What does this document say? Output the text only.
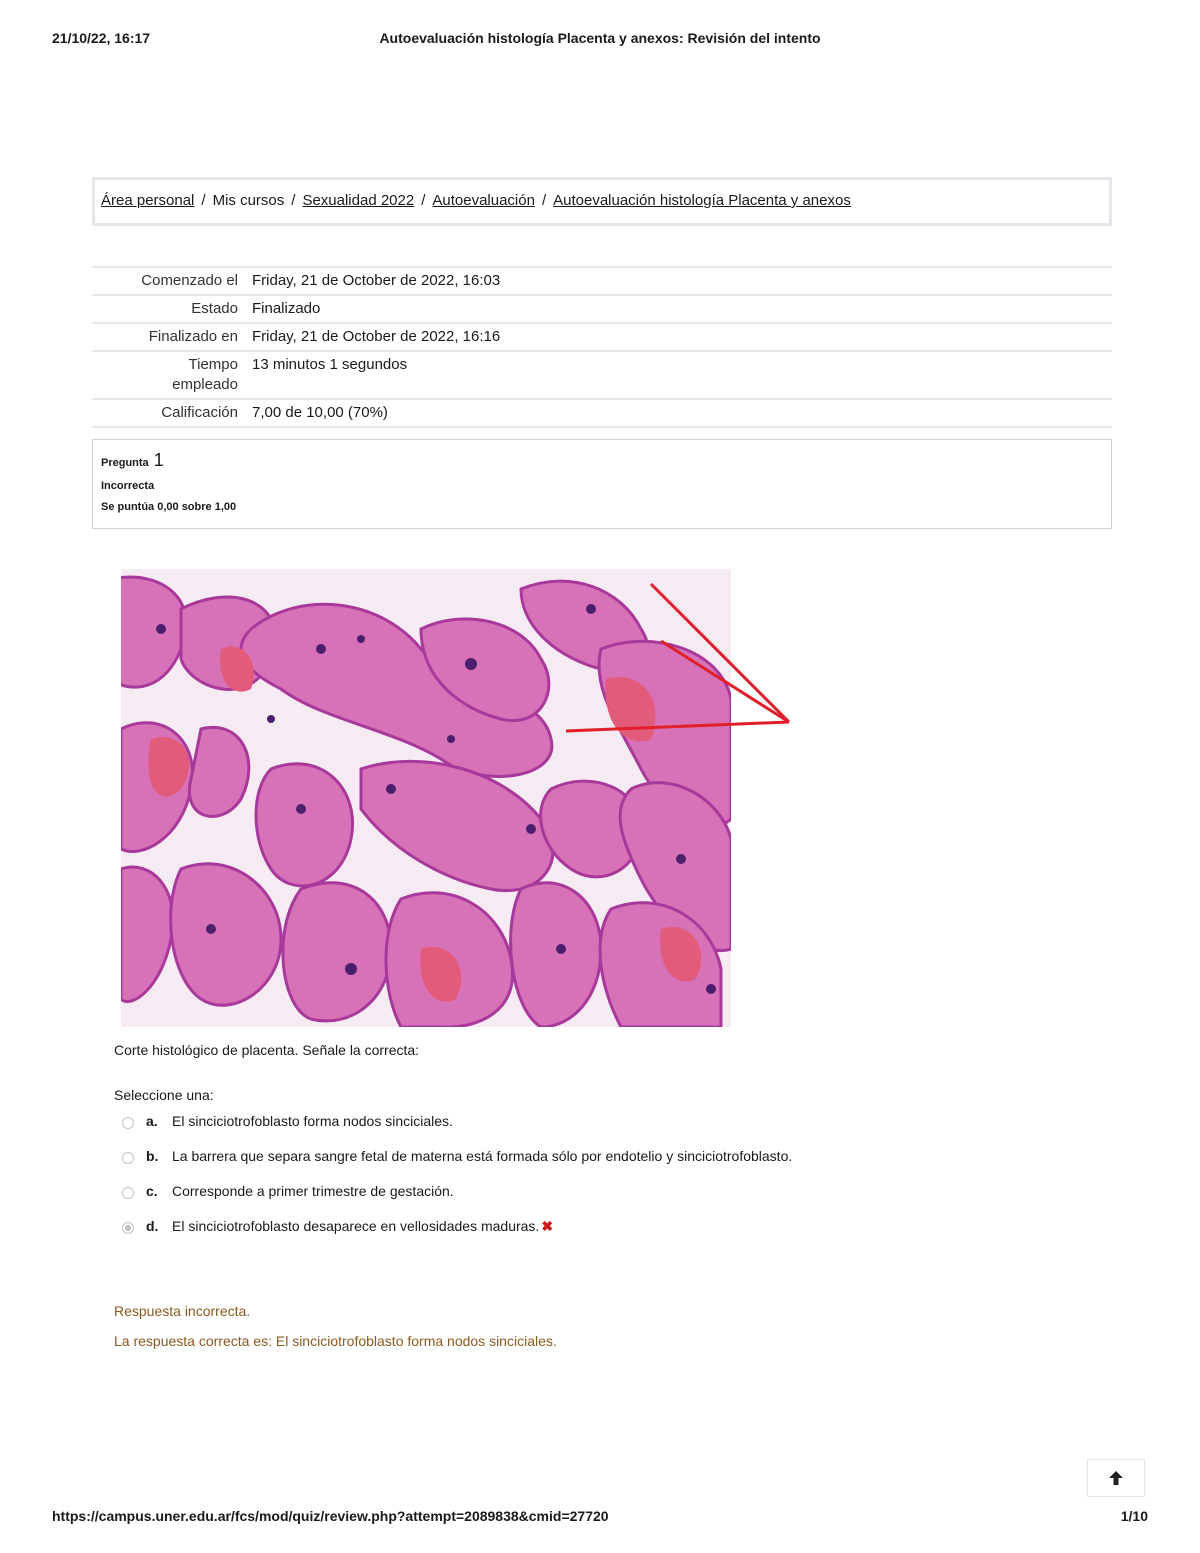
21/10/22, 16:17	Autoevaluación histología Placenta y anexos: Revisión del intento
Área personal / Mis cursos / Sexualidad 2022 / Autoevaluación / Autoevaluación histología Placenta y anexos
Comenzado el	Friday, 21 de October de 2022, 16:03
Estado	Finalizado
Finalizado en	Friday, 21 de October de 2022, 16:16
Tiempo
empleado	13 minutos 1 segundos
Calificación	7,00 de 10,00 (70%)
Pregunta 1
Incorrecta
Se puntúa 0,00 sobre 1,00
Corte histológico de placenta. Señale la correcta:
Seleccione una:
a.	El sinciciotrofoblasto forma nodos sinciciales.
b. La barrera que separa sangre fetal de materna está formada sólo por endotelio y sinciciotrofoblasto.
c.	Corresponde a primer trimestre de gestación.
d. El sinciciotrofoblasto desaparece en vellosidades maduras. ✖
Respuesta incorrecta.
La respuesta correcta es: El sinciciotrofoblasto forma nodos sinciciales.
https://campus.uner.edu.ar/fcs/mod/quiz/review.php?attempt=2089838&cmid=27720	1/10
